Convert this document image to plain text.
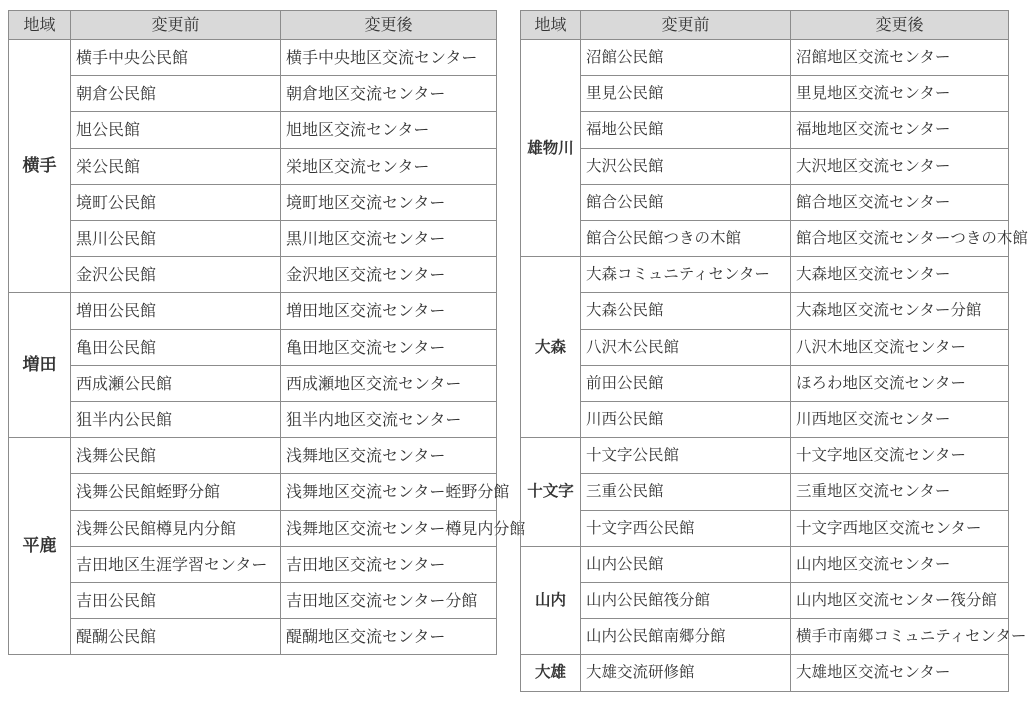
地域	変更前	変更後
横手	横手中央公民館	横手中央地区交流センター
	朝倉公民館	朝倉地区交流センター
	旭公民館	旭地区交流センター
	栄公民館	栄地区交流センター
	境町公民館	境町地区交流センター
	黒川公民館	黒川地区交流センター
	金沢公民館	金沢地区交流センター
増田	増田公民館	増田地区交流センター
	亀田公民館	亀田地区交流センター
	西成瀬公民館	西成瀬地区交流センター
	狙半内公民館	狙半内地区交流センター
平鹿	浅舞公民館	浅舞地区交流センター
	浅舞公民館蛭野分館	浅舞地区交流センター蛭野分館
	浅舞公民館樽見内分館	浅舞地区交流センター樽見内分館
	吉田地区生涯学習センター	吉田地区交流センター
	吉田公民館	吉田地区交流センター分館
	醍醐公民館	醍醐地区交流センター
地域	変更前	変更後
雄物川	沼館公民館	沼館地区交流センター
	里見公民館	里見地区交流センター
	福地公民館	福地地区交流センター
	大沢公民館	大沢地区交流センター
	館合公民館	館合地区交流センター
	館合公民館つきの木館	館合地区交流センターつきの木館
大森	大森コミュニティセンター	大森地区交流センター
	大森公民館	大森地区交流センター分館
	八沢木公民館	八沢木地区交流センター
	前田公民館	ほろわ地区交流センター
	川西公民館	川西地区交流センター
十文字	十文字公民館	十文字地区交流センター
	三重公民館	三重地区交流センター
	十文字西公民館	十文字西地区交流センター
山内	山内公民館	山内地区交流センター
	山内公民館筏分館	山内地区交流センター筏分館
	山内公民館南郷分館	横手市南郷コミュニティセンター
大雄	大雄交流研修館	大雄地区交流センター
